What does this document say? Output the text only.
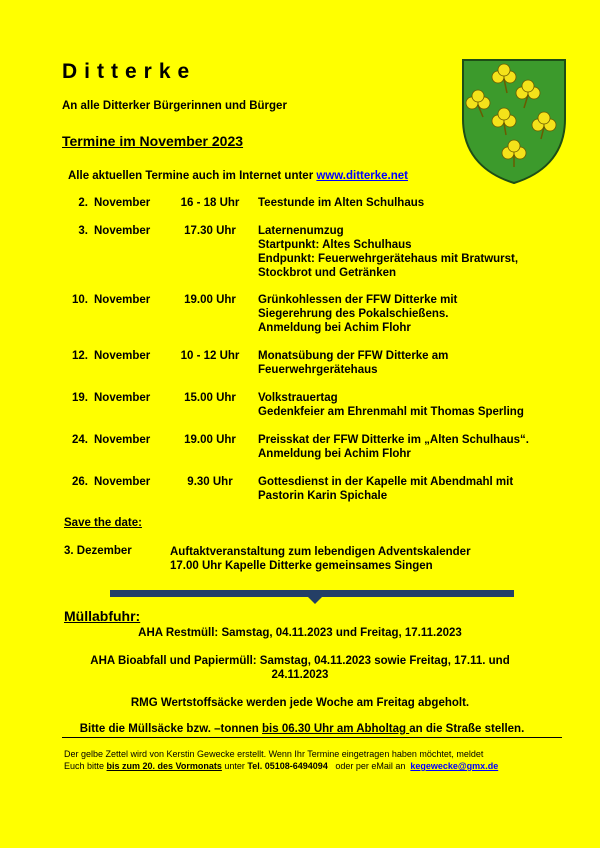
Ditterke
An alle Ditterker Bürgerinnen und Bürger
Termine im November 2023
Alle aktuellen Termine auch im Internet unter www.ditterke.net
2. November	16 - 18 Uhr	Teestunde im Alten Schulhaus
3. November	17.30 Uhr	Laternenumzug
Startpunkt: Altes Schulhaus
Endpunkt: Feuerwehrgerätehaus mit Bratwurst,
Stockbrot und Getränken
10. November	19.00 Uhr	Grünkohlessen der FFW Ditterke mit
Siegerehrung des Pokalschießens.
Anmeldung bei Achim Flohr
12. November	10 - 12 Uhr	Monatsübung der FFW Ditterke am
Feuerwehrgerätehaus
19. November	15.00 Uhr	Volkstrauertag
Gedenkfeier am Ehrenmahl mit Thomas Sperling
24. November	19.00 Uhr	Preisskat der FFW Ditterke im „Alten Schulhaus“.
Anmeldung bei Achim Flohr
26. November	9.30 Uhr	Gottesdienst in der Kapelle mit Abendmahl mit
Pastorin Karin Spichale
Save the date:
3. Dezember	Auftaktveranstaltung zum lebendigen Adventskalender
17.00 Uhr Kapelle Ditterke gemeinsames Singen
Müllabfuhr:
AHA Restmüll: Samstag, 04.11.2023 und Freitag, 17.11.2023
AHA Bioabfall und Papiermüll: Samstag, 04.11.2023 sowie Freitag, 17.11. und
24.11.2023
RMG Wertstoffsäcke werden jede Woche am Freitag abgeholt.
Bitte die Müllsäcke bzw. –tonnen bis 06.30 Uhr am Abholtag an die Straße stellen.
Der gelbe Zettel wird von Kerstin Gewecke erstellt. Wenn Ihr Termine eingetragen haben möchtet, meldet
Euch bitte bis zum 20. des Vormonats unter Tel. 05108-6494094   oder per eMail an  kegewecke@gmx.de
